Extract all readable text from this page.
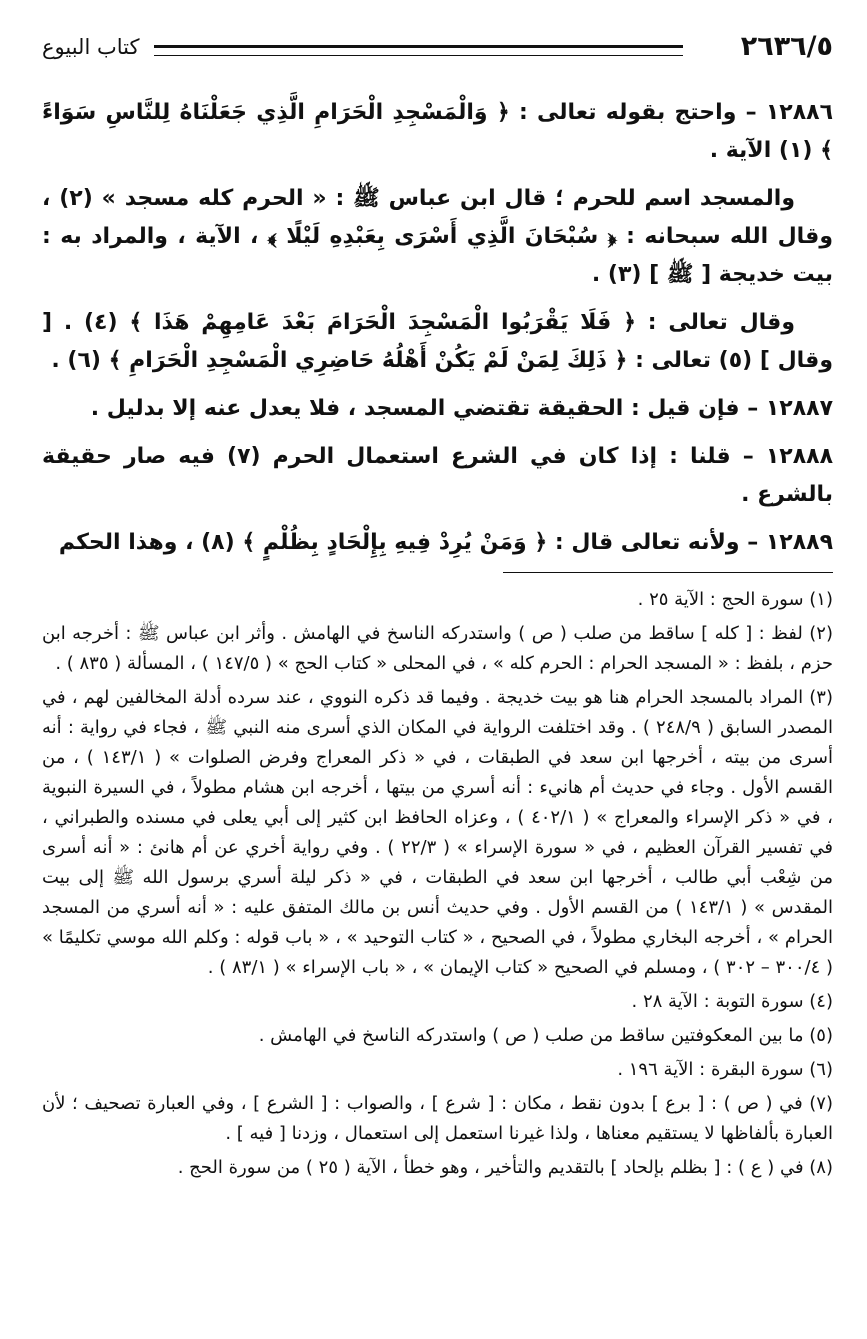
٢٦٣٦/٥
كتاب البيوع

١٢٨٨٦ – واحتج بقوله تعالى : ﴿ وَالْمَسْجِدِ الْحَرَامِ الَّذِي جَعَلْنَاهُ لِلنَّاسِ سَوَاءً ﴾ (١) الآية .

والمسجد اسم للحرم ؛ قال ابن عباس ﷺ : « الحرم كله مسجد » (٢) ، وقال الله سبحانه : ﴿ سُبْحَانَ الَّذِي أَسْرَى بِعَبْدِهِ لَيْلًا ﴾ ، الآية ، والمراد به : بيت خديجة [ ﷺ ] (٣) .

وقال تعالى : ﴿ فَلَا يَقْرَبُوا الْمَسْجِدَ الْحَرَامَ بَعْدَ عَامِهِمْ هَذَا ﴾ (٤) . [ وقال ] (٥) تعالى : ﴿ ذَلِكَ لِمَنْ لَمْ يَكُنْ أَهْلُهُ حَاضِرِي الْمَسْجِدِ الْحَرَامِ ﴾ (٦) .

١٢٨٨٧ – فإن قيل : الحقيقة تقتضي المسجد ، فلا يعدل عنه إلا بدليل .

١٢٨٨٨ – قلنا : إذا كان في الشرع استعمال الحرم (٧) فيه صار حقيقة بالشرع .

١٢٨٨٩ – ولأنه تعالى قال : ﴿ وَمَنْ يُرِدْ فِيهِ بِإِلْحَادٍ بِظُلْمٍ ﴾ (٨) ، وهذا الحكم

(١) سورة الحج : الآية ٢٥ .

(٢) لفظ : [ كله ] ساقط من صلب ( ص ) واستدركه الناسخ في الهامش . وأثر ابن عباس ﷺ : أخرجه ابن حزم ، بلفظ : « المسجد الحرام : الحرم كله » ، في المحلى « كتاب الحج » ( ١٤٧/٥ ) ، المسألة ( ٨٣٥ ) .

(٣) المراد بالمسجد الحرام هنا هو بيت خديجة . وفيما قد ذكره النووي ، عند سرده أدلة المخالفين لهم ، في المصدر السابق ( ٢٤٨/٩ ) . وقد اختلفت الرواية في المكان الذي أسرى منه النبي ﷺ ، فجاء في رواية : أنه أسرى من بيته ، أخرجها ابن سعد في الطبقات ، في « ذكر المعراج وفرض الصلوات » ( ١٤٣/١ ) ، من القسم الأول . وجاء في حديث أم هانيء : أنه أسري من بيتها ، أخرجه ابن هشام مطولاً ، في السيرة النبوية ، في « ذكر الإسراء والمعراج » ( ٤٠٢/١ ) ، وعزاه الحافظ ابن كثير إلى أبي يعلى في مسنده والطبراني ، في تفسير القرآن العظيم ، في « سورة الإسراء » ( ٢٢/٣ ) . وفي رواية أخري عن أم هانئ : « أنه أسرى من شِعْب أبي طالب ، أخرجها ابن سعد في الطبقات ، في « ذكر ليلة أسري برسول الله ﷺ إلى بيت المقدس » ( ١٤٣/١ ) من القسم الأول . وفي حديث أنس بن مالك المتفق عليه : « أنه أسري من المسجد الحرام » ، أخرجه البخاري مطولاً ، في الصحيح ، « كتاب التوحيد » ، « باب قوله : وكلم الله موسي تكليمًا » ( ٣٠٠/٤ – ٣٠٢ ) ، ومسلم في الصحيح « كتاب الإيمان » ، « باب الإسراء » ( ٨٣/١ ) .

(٤) سورة التوبة : الآية ٢٨ .

(٥) ما بين المعكوفتين ساقط من صلب ( ص ) واستدركه الناسخ في الهامش .

(٦) سورة البقرة : الآية ١٩٦ .

(٧) في ( ص ) : [ برع ] بدون نقط ، مكان : [ شرع ] ، والصواب : [ الشرع ] ، وفي العبارة تصحيف ؛ لأن العبارة بألفاظها لا يستقيم معناها ، ولذا غيرنا استعمل إلى استعمال ، وزدنا [ فيه ] .

(٨) في ( ع ) : [ بظلم بإلحاد ] بالتقديم والتأخير ، وهو خطأ ، الآية ( ٢٥ ) من سورة الحج .
